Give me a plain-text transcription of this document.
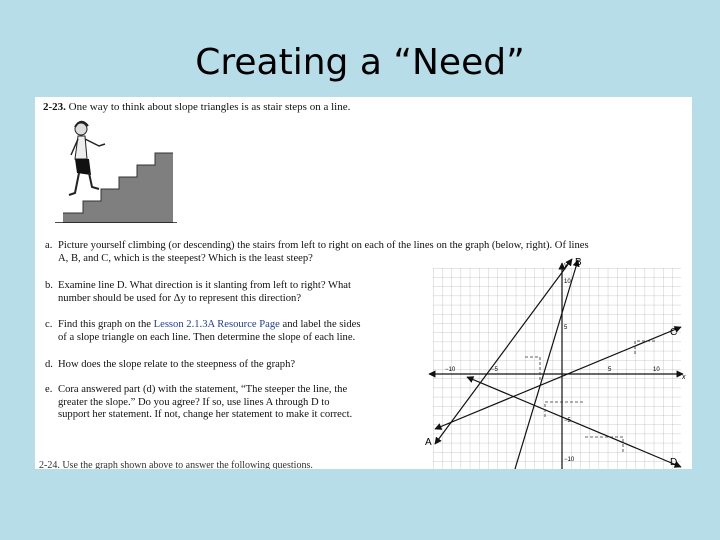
Creating a “Need”
2-23. One way to think about slope triangles is as stair steps on a line.
a. Picture yourself climbing (or descending) the stairs from left to right on each of the lines on the graph (below, right). Of lines
A, B, and C, which is the steepest? Which is the least steep?
b. Examine line D. What direction is it slanting from left to right? What
number should be used for Δy to represent this direction?
c. Find this graph on the Lesson 2.1.3A Resource Page and label the sides
of a slope triangle on each line. Then determine the slope of each line.
d. How does the slope relate to the steepness of the graph?
e. Cora answered part (d) with the statement, “The steeper the line, the
greater the slope.” Do you agree? If so, use lines A through D to
support her statement. If not, change her statement to make it correct.
B
A
C
D
x
y
−10	−5	5	10
10
5
−5
−10
2-24. Use the graph shown above to answer the following questions.
